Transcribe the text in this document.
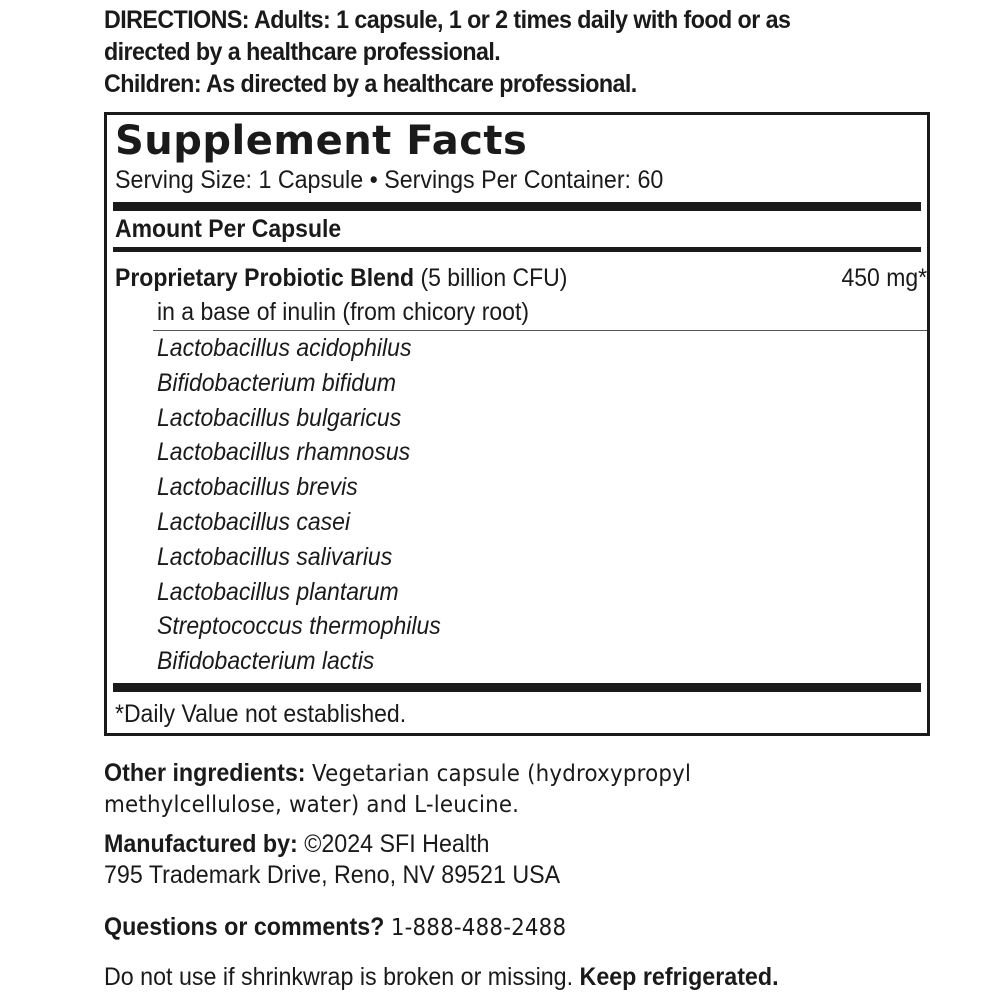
DIRECTIONS: Adults: 1 capsule, 1 or 2 times daily with food or as

directed by a healthcare professional.

Children: As directed by a healthcare professional.

Supplement Facts
Serving Size: 1 Capsule • Servings Per Container: 60
Amount Per Capsule
Proprietary Probiotic Blend (5 billion CFU)	450 mg*
in a base of inulin (from chicory root)
Lactobacillus acidophilus
Bifidobacterium bifidum
Lactobacillus bulgaricus
Lactobacillus rhamnosus
Lactobacillus brevis
Lactobacillus casei
Lactobacillus salivarius
Lactobacillus plantarum
Streptococcus thermophilus
Bifidobacterium lactis
*Daily Value not established.

Other ingredients: Vegetarian capsule (hydroxypropyl

methylcellulose, water) and L-leucine.

Manufactured by: ©2024 SFI Health

795 Trademark Drive, Reno, NV 89521 USA

Questions or comments? 1-888-488-2488

Do not use if shrinkwrap is broken or missing. Keep refrigerated.
